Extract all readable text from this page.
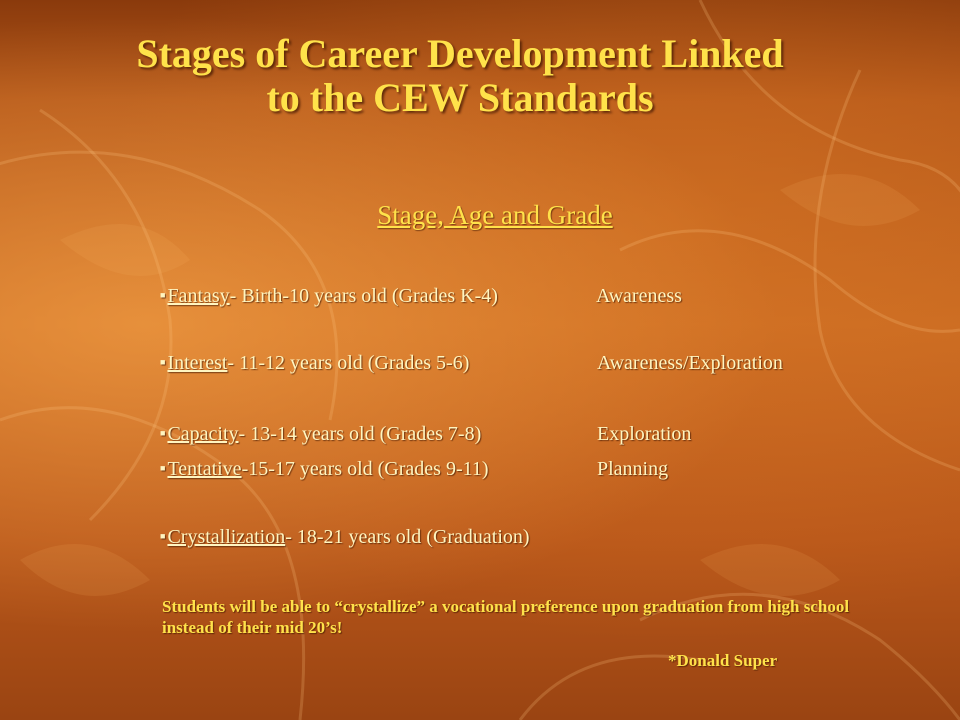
Stages of Career Development Linked
to the CEW Standards
Stage, Age and Grade
■ Fantasy- Birth-10 years old (Grades K-4)	Awareness
■ Interest- 11-12 years old (Grades 5-6)	Awareness/Exploration
■ Capacity- 13-14 years old (Grades 7-8)	Exploration
■ Tentative-15-17 years old (Grades 9-11)	Planning
■ Crystallization- 18-21 years old (Graduation)
Students will be able to “crystallize” a vocational preference upon graduation from high school instead of their mid 20’s!
*Donald Super
